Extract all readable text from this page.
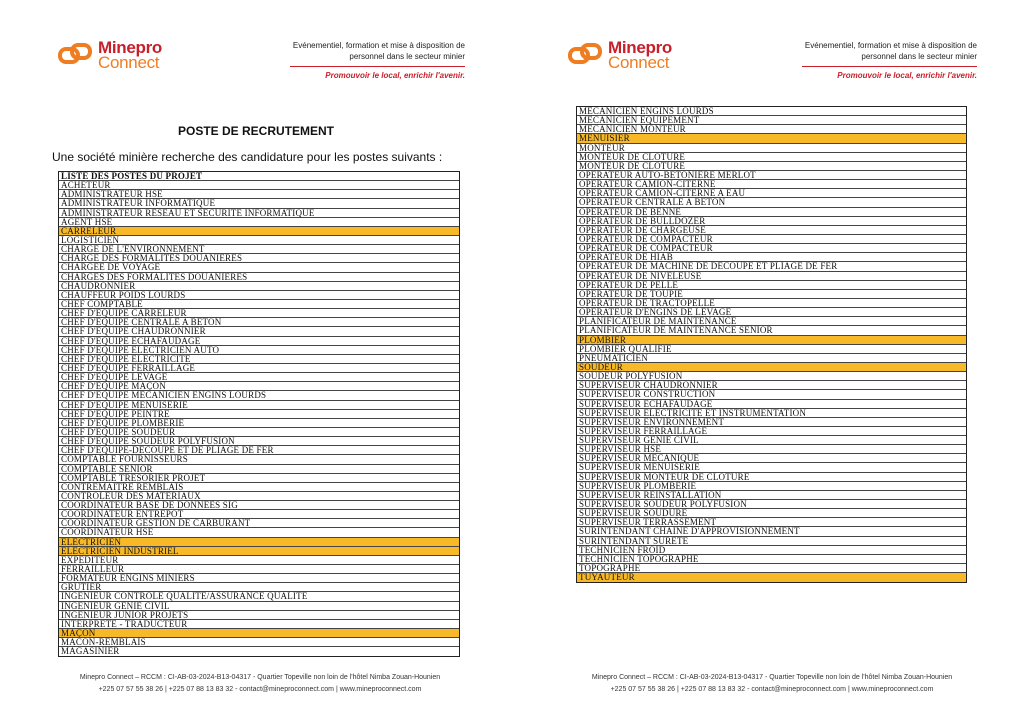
Minepro
Connect
Evénementiel, formation et mise à disposition de
personnel dans le secteur minier
Promouvoir le local, enrichir l'avenir.
POSTE DE RECRUTEMENT
Une société minière recherche des candidature pour les postes suivants :
LISTE DES POSTES DU PROJET
ACHETEUR
ADMINISTRATEUR HSE
ADMINISTRATEUR INFORMATIQUE
ADMINISTRATEUR RESEAU ET SECURITE INFORMATIQUE
AGENT HSE
CARRELEUR
LOGISTICIEN
CHARGE DE L'ENVIRONNEMENT
CHARGE DES FORMALITES DOUANIERES
CHARGEE DE VOYAGE
CHARGES DES FORMALITES DOUANIERES
CHAUDRONNIER
CHAUFFEUR POIDS LOURDS
CHEF COMPTABLE
CHEF D'EQUIPE CARRELEUR
CHEF D'EQUIPE CENTRALE A BETON
CHEF D'EQUIPE CHAUDRONNIER
CHEF D'EQUIPE ECHAFAUDAGE
CHEF D'EQUIPE ELECTRICIEN AUTO
CHEF D'EQUIPE ELECTRICITE
CHEF D'EQUIPE FERRAILLAGE
CHEF D'EQUIPE LEVAGE
CHEF D'EQUIPE MAÇON
CHEF D'EQUIPE MECANICIEN ENGINS LOURDS
CHEF D'EQUIPE MENUISERIE
CHEF D'EQUIPE PEINTRE
CHEF D'EQUIPE PLOMBERIE
CHEF D'EQUIPE SOUDEUR
CHEF D'EQUIPE SOUDEUR POLYFUSION
CHEF D'EQUIPE-DECOUPE ET DE PLIAGE DE FER
COMPTABLE FOURNISSEURS
COMPTABLE SENIOR
COMPTABLE TRESORIER PROJET
CONTREMAITRE REMBLAIS
CONTROLEUR DES MATERIAUX
COORDINATEUR BASE DE DONNEES SIG
COORDINATEUR ENTREPOT
COORDINATEUR GESTION DE CARBURANT
COORDINATEUR HSE
ELECTRICIEN
ELECTRICIEN INDUSTRIEL
EXPEDITEUR
FERRAILLEUR
FORMATEUR ENGINS MINIERS
GRUTIER
INGENIEUR CONTRÔLE QUALITE/ASSURANCE QUALITE
INGENIEUR GENIE CIVIL
INGENIEUR JUNIOR PROJETS
INTERPRETE - TRADUCTEUR
MAÇON
MACON-REMBLAIS
MAGASINIER
Minepro Connect – RCCM : CI-AB-03-2024-B13-04317 - Quartier Topeville non loin de l'hôtel Nimba Zouan-Hounien
+225 07 57 55 38 26 | +225 07 88 13 83 32 - contact@mineproconnect.com | www.mineproconnect.com
Minepro
Connect
Evénementiel, formation et mise à disposition de
personnel dans le secteur minier
Promouvoir le local, enrichir l'avenir.
Minepro Connect – RCCM : CI-AB-03-2024-B13-04317 - Quartier Topeville non loin de l'hôtel Nimba Zouan-Hounien
+225 07 57 55 38 26 | +225 07 88 13 83 32 - contact@mineproconnect.com | www.mineproconnect.com
MECANICIEN ENGINS LOURDS
MECANICIEN EQUIPEMENT
MECANICIEN MONTEUR
MENUISIER
MONTEUR
MONTEUR DE CLOTURE
MONTEUR DE CLÔTURE
OPERATEUR AUTO-BETONIERE MERLOT
OPERATEUR CAMION-CITERNE
OPERATEUR CAMION-CITERNE A EAU
OPERATEUR CENTRALE A BETON
OPERATEUR DE BENNE
OPERATEUR DE BULLDOZER
OPERATEUR DE CHARGEUSE
OPERATEUR DE COMPACTEUR
OPERATEUR DE COMPACTEUR
OPERATEUR DE HIAB
OPERATEUR DE MACHINE DE DECOUPE ET PLIAGE DE FER
OPERATEUR DE NIVELEUSE
OPERATEUR DE PELLE
OPERATEUR DE TOUPIE
OPERATEUR DE TRACTOPELLE
OPERATEUR D'ENGINS DE LEVAGE
PLANIFICATEUR DE MAINTENANCE
PLANIFICATEUR DE MAINTENANCE SENIOR
PLOMBIER
PLOMBIER QUALIFIE
PNEUMATICIEN
SOUDEUR
SOUDEUR POLYFUSION
SUPERVISEUR CHAUDRONNIER
SUPERVISEUR CONSTRUCTION
SUPERVISEUR ECHAFAUDAGE
SUPERVISEUR ELECTRICITE ET INSTRUMENTATION
SUPERVISEUR ENVIRONNEMENT
SUPERVISEUR FERRAILLAGE
SUPERVISEUR GENIE CIVIL
SUPERVISEUR HSE
SUPERVISEUR MECANIQUE
SUPERVISEUR MENUISERIE
SUPERVISEUR MONTEUR DE CLOTURE
SUPERVISEUR PLOMBERIE
SUPERVISEUR REINSTALLATION
SUPERVISEUR SOUDEUR POLYFUSION
SUPERVISEUR SOUDURE
SUPERVISEUR TERRASSEMENT
SURINTENDANT CHAINE D'APPROVISIONNEMENT
SURINTENDANT SURETE
TECHNICIEN FROID
TECHNICIEN TOPOGRAPHE
TOPOGRAPHE
TUYAUTEUR
